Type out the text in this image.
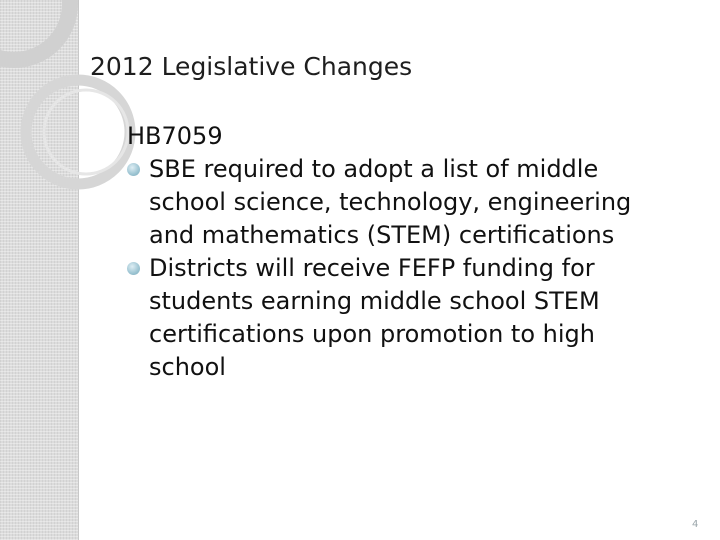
2012 Legislative Changes
HB7059
SBE required to adopt a list of middle school science, technology, engineering and mathematics (STEM) certifications
Districts will receive FEFP funding for students earning middle school STEM certifications upon promotion to high school
4
